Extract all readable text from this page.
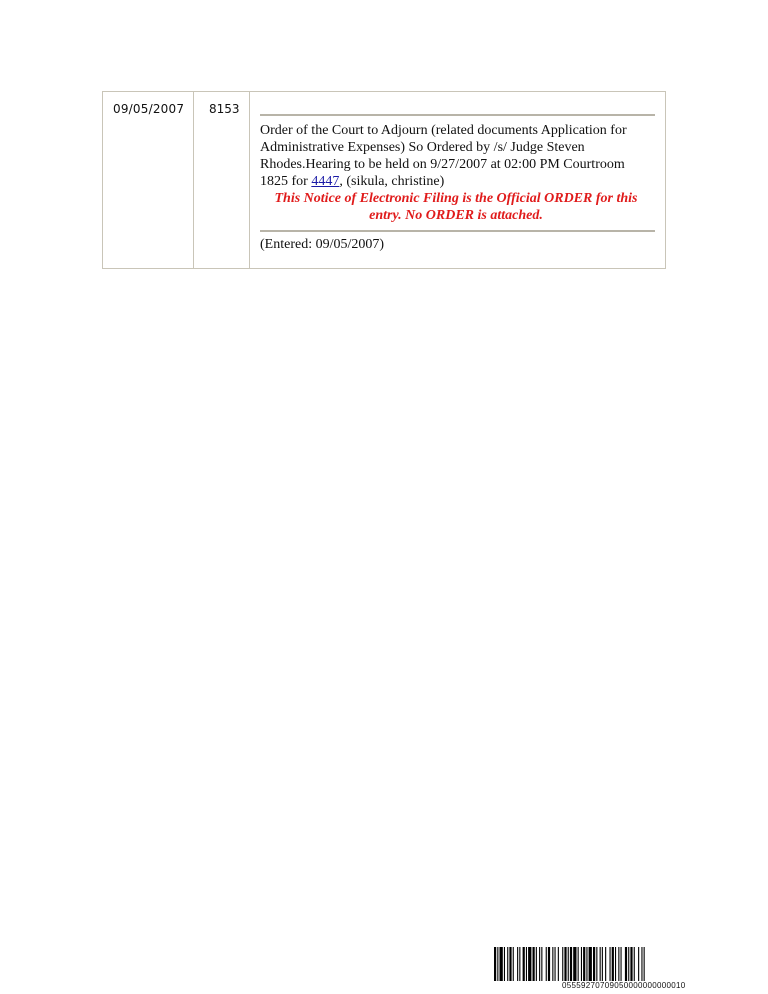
09/05/2007	8153
Order of the Court to Adjourn (related documents Application for Administrative Expenses) So Ordered by /s/ Judge Steven Rhodes.Hearing to be held on 9/27/2007 at 02:00 PM Courtroom 1825 for 4447, (sikula, christine)
This Notice of Electronic Filing is the Official ORDER for this entry. No ORDER is attached.
(Entered: 09/05/2007)
05559270709050000000000010
